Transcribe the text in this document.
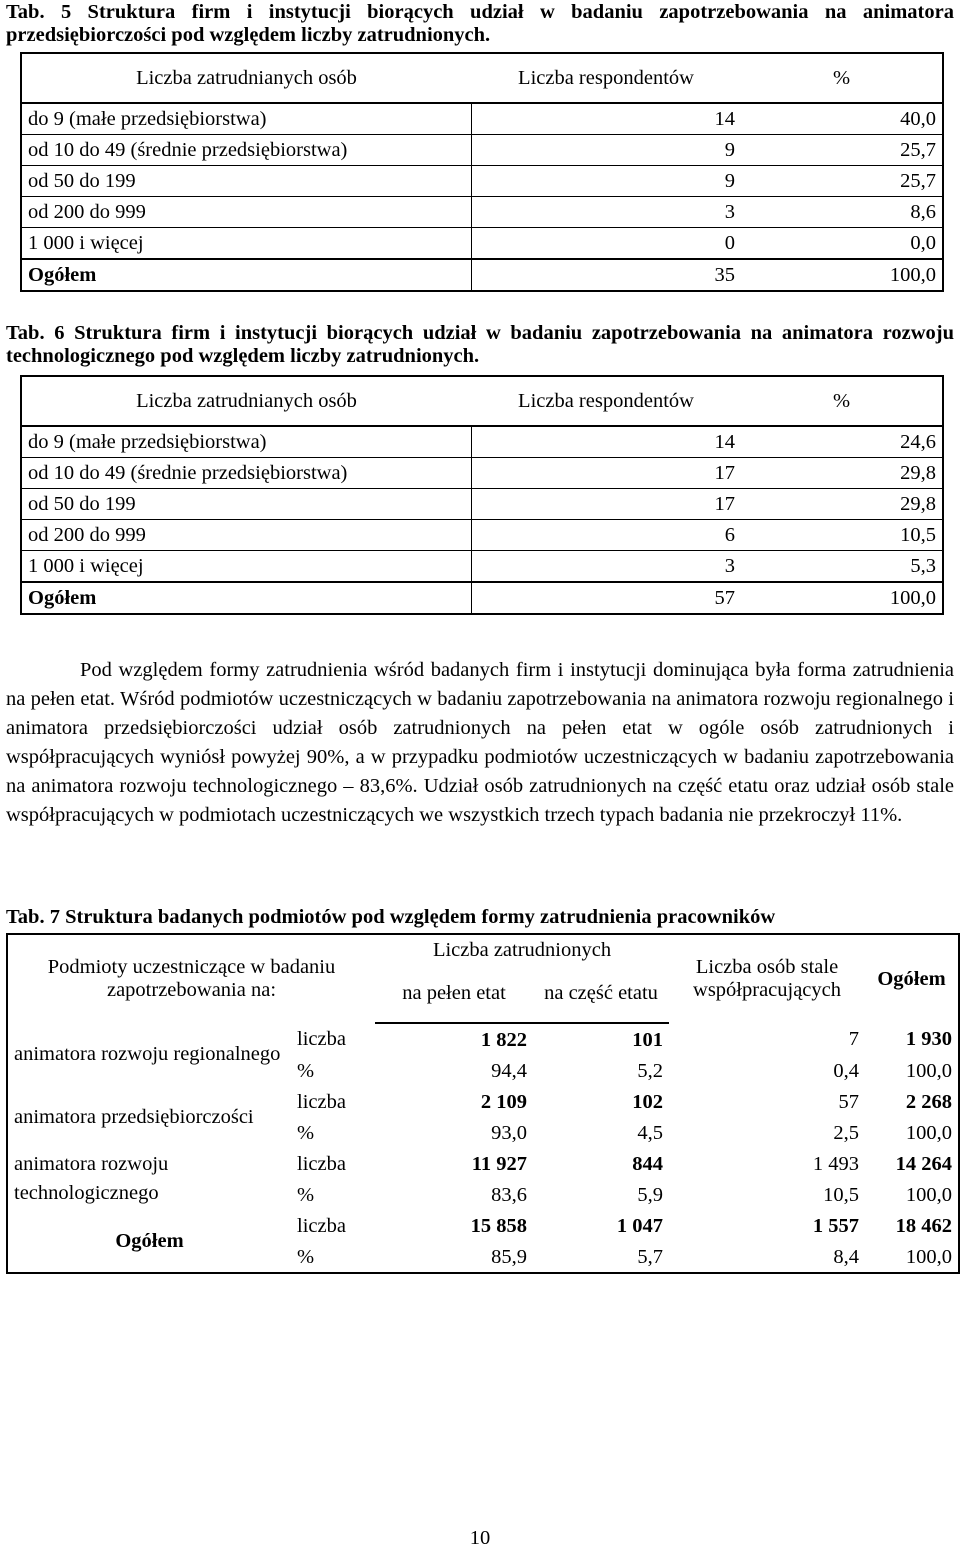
Tab. 5 Struktura firm i instytucji biorących udział w badaniu zapotrzebowania na animatora przedsiębiorczości pod względem liczby zatrudnionych.
Liczba zatrudnianych osób	Liczba respondentów	%
do 9 (małe przedsiębiorstwa)	14	40,0
od 10 do 49 (średnie przedsiębiorstwa)	9	25,7
od 50 do 199	9	25,7
od 200 do 999	3	8,6
1 000 i więcej	0	0,0
Ogółem	35	100,0
Tab. 6 Struktura firm i instytucji biorących udział w badaniu zapotrzebowania na animatora rozwoju technologicznego pod względem liczby zatrudnionych.
Liczba zatrudnianych osób	Liczba respondentów	%
do 9 (małe przedsiębiorstwa)	14	24,6
od 10 do 49 (średnie przedsiębiorstwa)	17	29,8
od 50 do 199	17	29,8
od 200 do 999	6	10,5
1 000 i więcej	3	5,3
Ogółem	57	100,0

Pod względem formy zatrudnienia wśród badanych firm i instytucji dominująca była forma zatrudnienia na pełen etat. Wśród podmiotów uczestniczących w badaniu zapotrzebowania na animatora rozwoju regionalnego i animatora przedsiębiorczości udział osób zatrudnionych na pełen etat w ogóle osób zatrudnionych i współpracujących wyniósł powyżej 90%, a w przypadku podmiotów uczestniczących w badaniu zapotrzebowania na animatora rozwoju technologicznego – 83,6%. Udział osób zatrudnionych na część etatu oraz udział osób stale współpracujących w podmiotach uczestniczących we wszystkich trzech typach badania nie przekroczył 11%.

Tab. 7 Struktura badanych podmiotów pod względem formy zatrudnienia pracowników
Podmioty uczestniczące w badaniu zapotrzebowania na:		Liczba zatrudnionych		Liczba osób stale współpracujących	Ogółem
		na pełen etat	na część etatu		
animatora rozwoju regionalnego	liczba	1 822	101	7	1 930
	%	94,4	5,2	0,4	100,0
animatora przedsiębiorczości	liczba	2 109	102	57	2 268
	%	93,0	4,5	2,5	100,0
animatora rozwoju technologicznego	liczba	11 927	844	1 493	14 264
	%	83,6	5,9	10,5	100,0
Ogółem	liczba	15 858	1 047	1 557	18 462
	%	85,9	5,7	8,4	100,0
10
